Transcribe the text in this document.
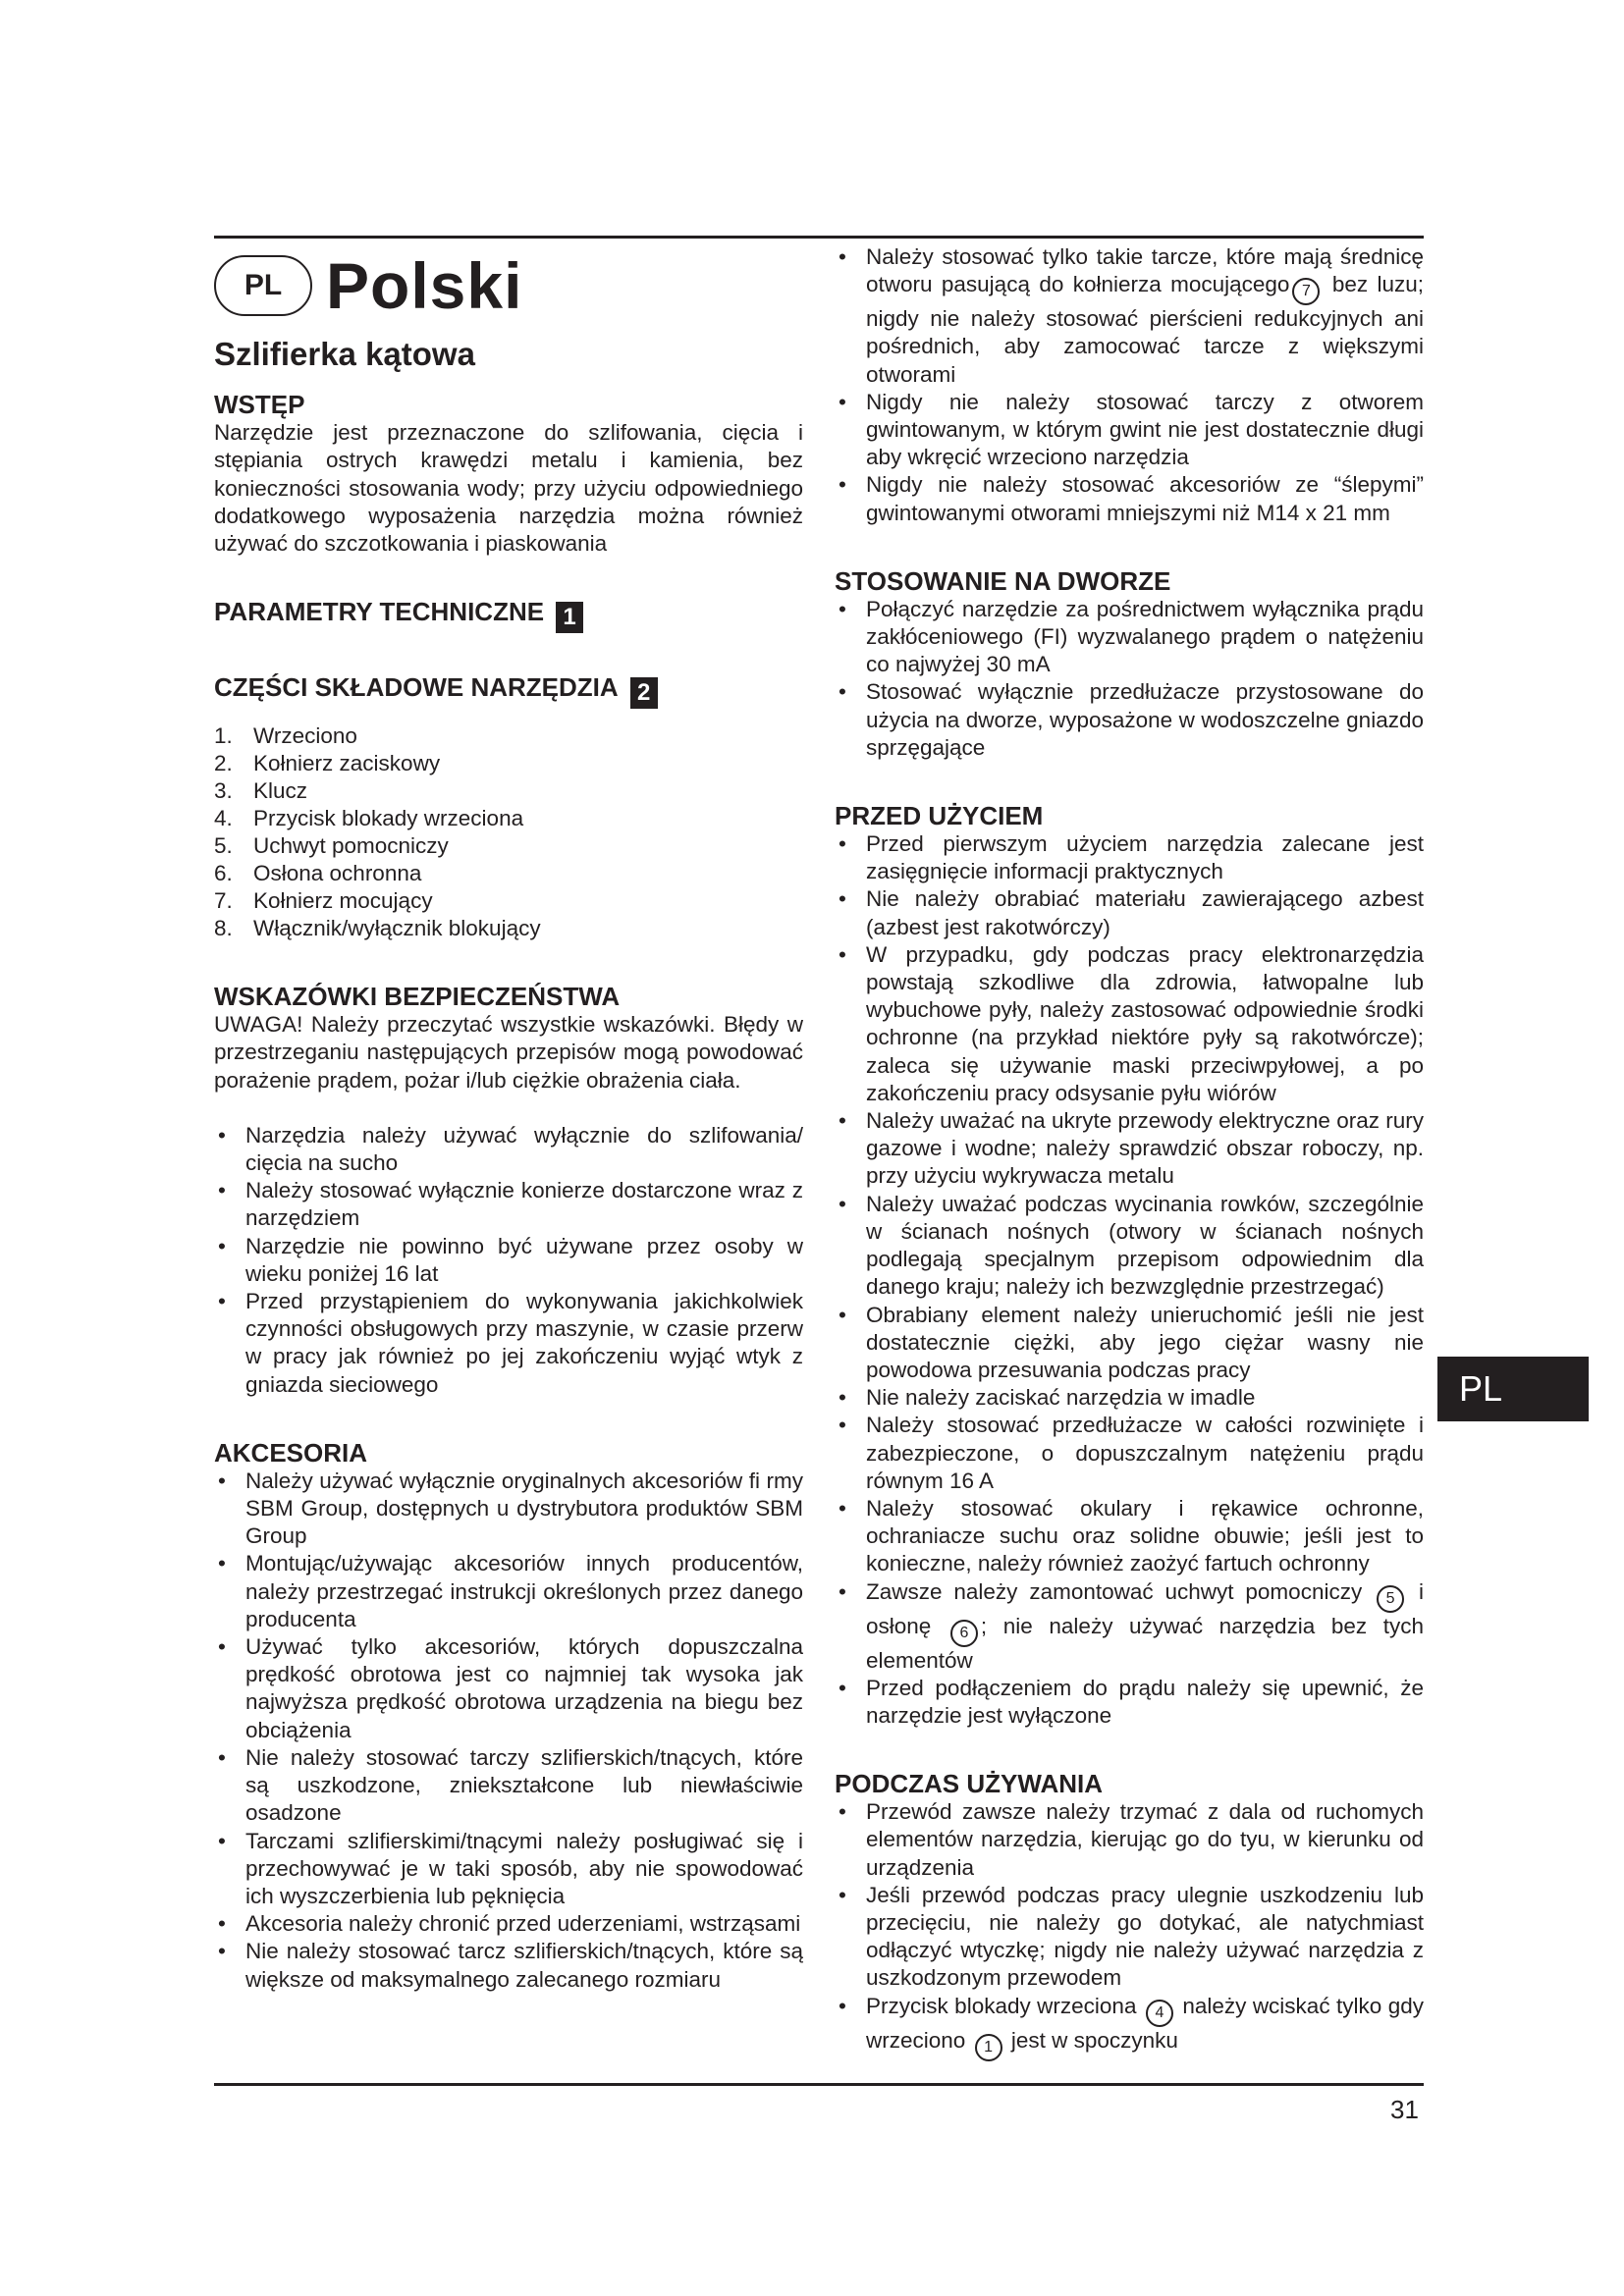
PL Polski
Szlifierka kątowa
WSTĘP

Narzędzie jest przeznaczone do szlifowania, cięcia i stępiania ostrych krawędzi metalu i kamienia, bez konieczności stosowania wody; przy użyciu odpowiedniego dodatkowego wyposażenia narzędzia można również używać do szczotkowania i piaskowania

PARAMETRY TECHNICZNE 1
CZĘŚCI SKŁADOWE NARZĘDZIA 2
1. Wrzeciono
2. Kołnierz zaciskowy
3. Klucz
4. Przycisk blokady wrzeciona
5. Uchwyt pomocniczy
6. Osłona ochronna
7. Kołnierz mocujący
8. Włącznik/wyłącznik blokujący
WSKAZÓWKI BEZPIECZEŃSTWA

UWAGA! Należy przeczytać wszystkie wskazówki. Błędy w przestrzeganiu następujących przepisów mogą powodować porażenie prądem, pożar i/lub ciężkie obrażenia ciała.

• Narzędzia należy używać wyłącznie do szlifowania/ cięcia na sucho
• Należy stosować wyłącznie konierze dostarczone wraz z narzędziem
• Narzędzie nie powinno być używane przez osoby w wieku poniżej 16 lat
• Przed przystąpieniem do wykonywania jakichkolwiek czynności obsługowych przy maszynie, w czasie przerw w pracy jak również po jej zakończeniu wyjąć wtyk z gniazda sieciowego
AKCESORIA
• Należy używać wyłącznie oryginalnych akcesoriów fi rmy SBM Group, dostępnych u dystrybutora produktów SBM Group
• Montując/używając akcesoriów innych producentów, należy przestrzegać instrukcji określonych przez danego producenta
• Używać tylko akcesoriów, których dopuszczalna prędkość obrotowa jest co najmniej tak wysoka jak najwyższa prędkość obrotowa urządzenia na biegu bez obciążenia
• Nie należy stosować tarczy szlifierskich/tnących, które są uszkodzone, zniekształcone lub niewłaściwie osadzone
• Tarczami szlifierskimi/tnącymi należy posługiwać się i przechowywać je w taki sposób, aby nie spowodować ich wyszczerbienia lub pęknięcia
• Akcesoria należy chronić przed uderzeniami, wstrząsami
• Nie należy stosować tarcz szlifierskich/tnących, które są większe od maksymalnego zalecanego rozmiaru
• Należy stosować tylko takie tarcze, które mają średnicę otworu pasującą do kołnierza mocującego 7 bez luzu; nigdy nie należy stosować pierścieni redukcyjnych ani pośrednich, aby zamocować tarcze z większymi otworami
• Nigdy nie należy stosować tarczy z otworem gwintowanym, w którym gwint nie jest dostatecznie długi aby wkręcić wrzeciono narzędzia
• Nigdy nie należy stosować akcesoriów ze “ślepymi” gwintowanymi otworami mniejszymi niż M14 x 21 mm
STOSOWANIE NA DWORZE
• Połączyć narzędzie za pośrednictwem wyłącznika prądu zakłóceniowego (FI) wyzwalanego prądem o natężeniu co najwyżej 30 mA
• Stosować wyłącznie przedłużacze przystosowane do użycia na dworze, wyposażone w wodoszczelne gniazdo sprzęgające
PRZED UŻYCIEM
• Przed pierwszym użyciem narzędzia zalecane jest zasięgnięcie informacji praktycznych
• Nie należy obrabiać materiału zawierającego azbest (azbest jest rakotwórczy)
• W przypadku, gdy podczas pracy elektronarzędzia powstają szkodliwe dla zdrowia, łatwopalne lub wybuchowe pyły, należy zastosować odpowiednie środki ochronne (na przykład niektóre pyły są rakotwórcze); zaleca się używanie maski przeciwpyłowej, a po zakończeniu pracy odsysanie pyłu wiórów
• Należy uważać na ukryte przewody elektryczne oraz rury gazowe i wodne; należy sprawdzić obszar roboczy, np. przy użyciu wykrywacza metalu
• Należy uważać podczas wycinania rowków, szczególnie w ścianach nośnych (otwory w ścianach nośnych podlegają specjalnym przepisom odpowiednim dla danego kraju; należy ich bezwzględnie przestrzegać)
• Obrabiany element należy unieruchomić jeśli nie jest dostatecznie ciężki, aby jego ciężar wasny nie powodowa przesuwania podczas pracy
• Nie należy zaciskać narzędzia w imadle
• Należy stosować przedłużacze w całości rozwinięte i zabezpieczone, o dopuszczalnym natężeniu prądu równym 16 A
• Należy stosować okulary i rękawice ochronne, ochraniacze suchu oraz solidne obuwie; jeśli jest to konieczne, należy również zaożyć fartuch ochronny
• Zawsze należy zamontować uchwyt pomocniczy 5 i osłonę 6 ; nie należy używać narzędzia bez tych elementów
• Przed podłączeniem do prądu należy się upewnić, że narzędzie jest wyłączone
PODCZAS UŻYWANIA
• Przewód zawsze należy trzymać z dala od ruchomych elementów narzędzia, kierując go do tyu, w kierunku od urządzenia
• Jeśli przewód podczas pracy ulegnie uszkodzeniu lub przecięciu, nie należy go dotykać, ale natychmiast odłączyć wtyczkę; nigdy nie należy używać narzędzia z uszkodzonym przewodem
• Przycisk blokady wrzeciona 4 należy wciskać tylko gdy wrzeciono 1 jest w spoczynku
PL
31
